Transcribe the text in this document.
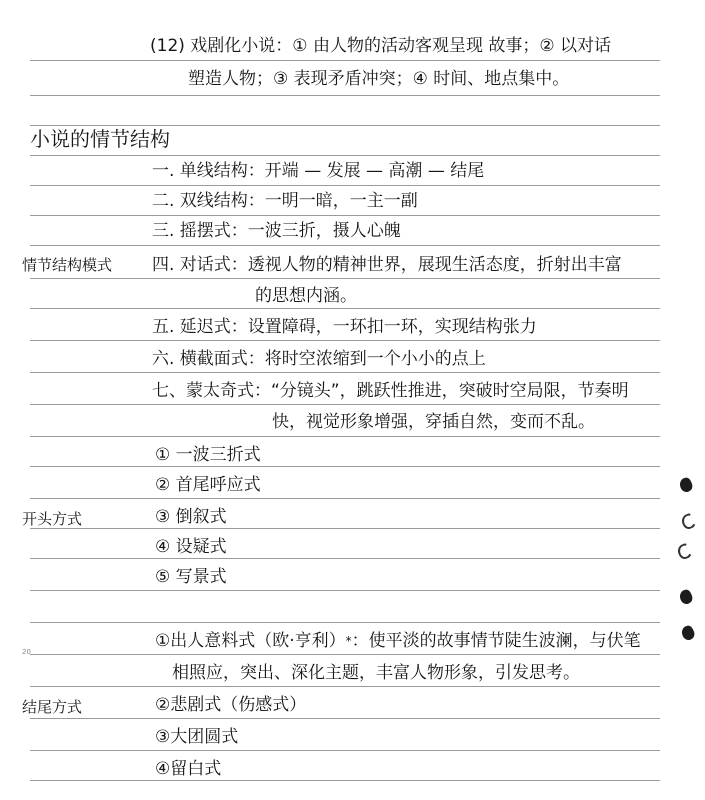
(12) 戏剧化小说：① 由人物的活动客观呈现 故事；② 以对话
塑造人物；③ 表现矛盾冲突；④ 时间、地点集中。
小说的情节结构
情节结构模式
一. 单线结构：开端 — 发展 — 高潮 — 结尾
二. 双线结构：一明一暗，一主一副
三. 摇摆式：一波三折，摄人心魄
四. 对话式：透视人物的精神世界，展现生活态度，折射出丰富
的思想内涵。
五. 延迟式：设置障碍，一环扣一环，实现结构张力
六. 横截面式：将时空浓缩到一个小小的点上
七、蒙太奇式：“分镜头”，跳跃性推进，突破时空局限，节奏明
快，视觉形象增强，穿插自然，变而不乱。
开头方式
① 一波三折式
② 首尾呼应式
③ 倒叙式
④ 设疑式
⑤ 写景式
20
结尾方式
①出人意料式（欧·亨利）*：使平淡的故事情节陡生波澜，与伏笔
相照应，突出、深化主题，丰富人物形象，引发思考。
②悲剧式（伤感式）
③大团圆式
④留白式
